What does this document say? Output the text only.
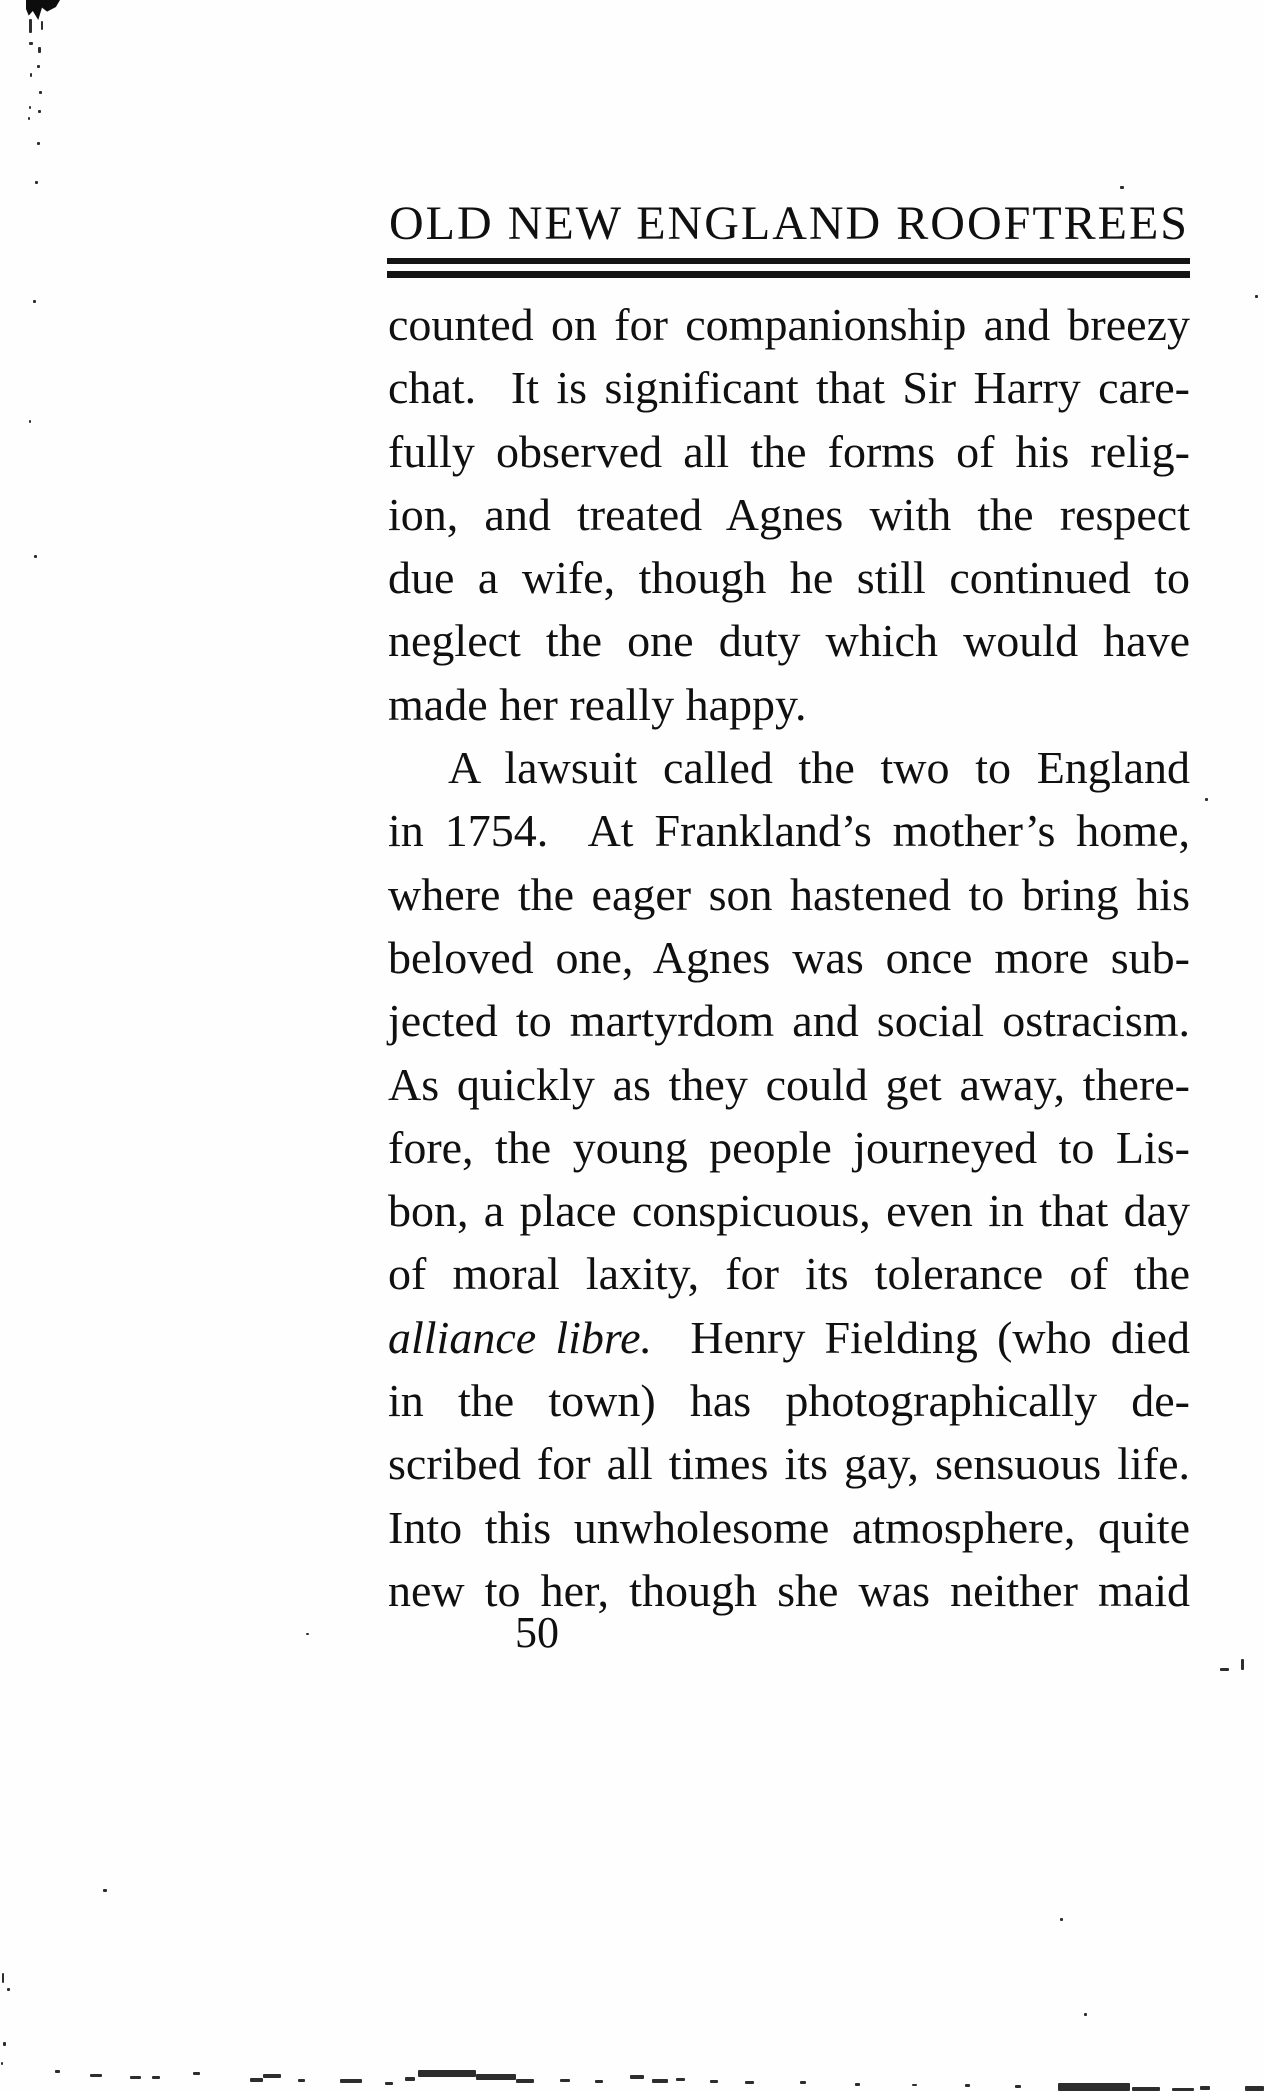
OLD NEW ENGLAND ROOFTREES
counted on for companionship and breezy
chat.  It is significant that Sir Harry care-
fully observed all the forms of his relig-
ion, and treated Agnes with the respect
due a wife, though he still continued to
neglect the one duty which would have
made her really happy.
A lawsuit called the two to England
in 1754.  At Frankland’s mother’s home,
where the eager son hastened to bring his
beloved one, Agnes was once more sub-
jected to martyrdom and social ostracism.
As quickly as they could get away, there-
fore, the young people journeyed to Lis-
bon, a place conspicuous, even in that day
of moral laxity, for its tolerance of the
alliance libre.  Henry Fielding (who died
in the town) has photographically de-
scribed for all times its gay, sensuous life.
Into this unwholesome atmosphere, quite
new to her, though she was neither maid
50
